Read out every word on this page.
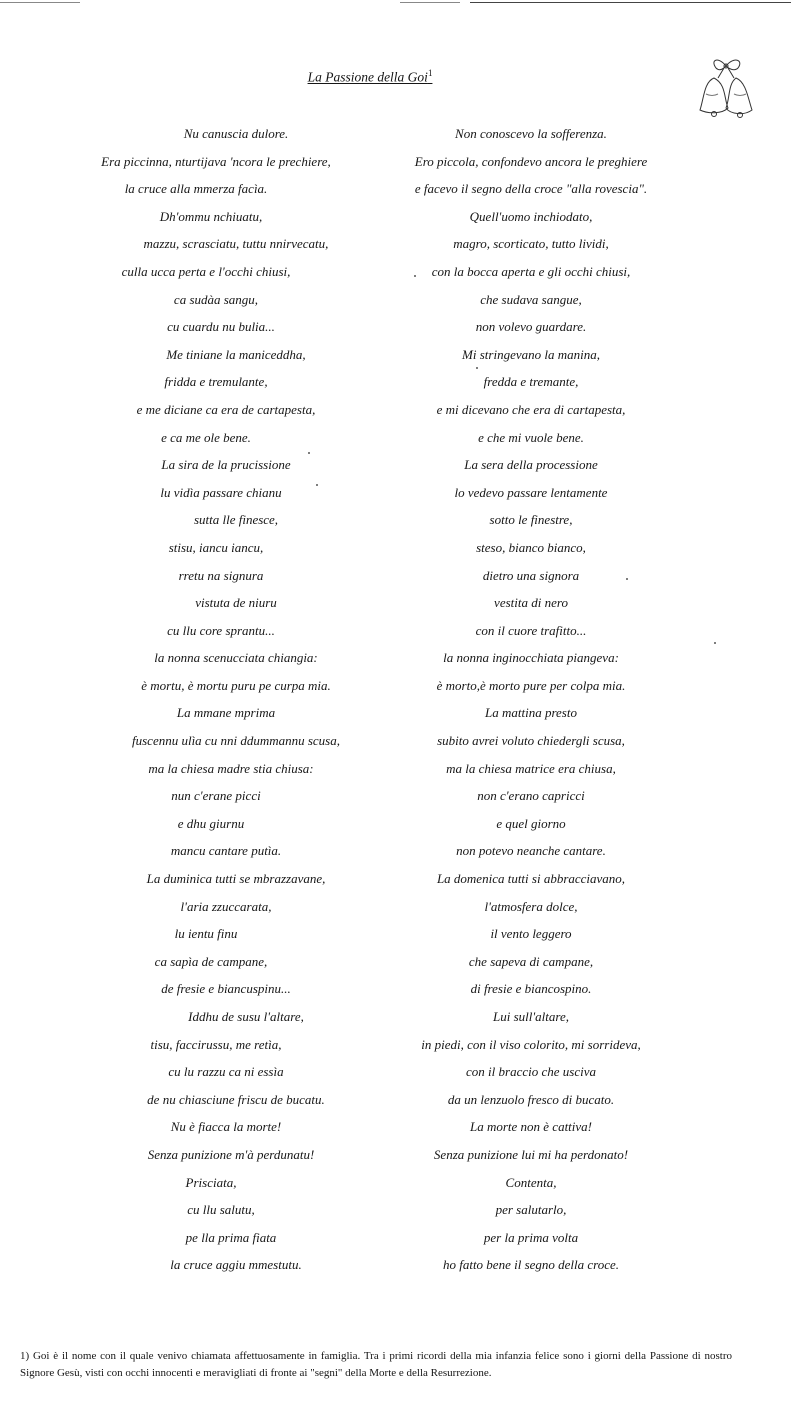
La Passione della Goi$^1$
Nu canuscia dulore.
Era piccinna, nturtijava 'ncora le prechiere,
la cruce alla mmerza facìa.
Dh'ommu nchiuatu,
mazzu, scrasciatu, tuttu nnirvecatu,
culla ucca perta e l'occhi chiusi,
ca sudàa sangu,
cu cuardu nu bulia...
Me tiniane la maniceddha,
fridda e tremulante,
e me diciane ca era de cartapesta,
e ca me ole bene.
La sira de la prucissione
lu vidìa passare chianu
sutta lle finesce,
stisu, iancu iancu,
rretu na signura
vistuta de niuru
cu llu core sprantu...
la nonna scenucciata chiangia:
è mortu, è mortu puru pe curpa mia.
La mmane mprima
fuscennu ulìa cu nni ddummannu scusa,
ma la chiesa madre stia chiusa:
nun c'erane picci
e dhu giurnu
mancu cantare putìa.
La duminica tutti se mbrazzavane,
l'aria zzuccarata,
lu ientu finu
ca sapìa de campane,
de fresie e biancuspinu...
Iddhu de susu l'altare,
tisu, faccirussu, me retìa,
cu lu razzu ca ni essìa
de nu chiasciune friscu de bucatu.
Nu è fiacca la morte!
Senza punizione m'à perdunatu!
Prisciata,
cu llu salutu,
pe lla prima fiata
la cruce aggiu mmestutu.
Non conoscevo la sofferenza.
Ero piccola, confondevo ancora le preghiere
e facevo il segno della croce "alla rovescia".
Quell'uomo inchiodato,
magro, scorticato, tutto lividi,
con la bocca aperta e gli occhi chiusi,
che sudava sangue,
non volevo guardare.
Mi stringevano la manina,
fredda e tremante,
e mi dicevano che era di cartapesta,
e che mi vuole bene.
La sera della processione
lo vedevo passare lentamente
sotto le finestre,
steso, bianco bianco,
dietro una signora
vestita di nero
con il cuore trafitto...
la nonna inginocchiata piangeva:
è morto,è morto pure per colpa mia.
La mattina presto
subito avrei voluto chiedergli scusa,
ma la chiesa matrice era chiusa,
non c'erano capricci
e quel giorno
non potevo neanche cantare.
La domenica tutti si abbracciavano,
l'atmosfera dolce,
il vento leggero
che sapeva di campane,
di fresie e biancospino.
Lui sull'altare,
in piedi, con il viso colorito, mi sorrideva,
con il braccio che usciva
da un lenzuolo fresco di bucato.
La morte non è cattiva!
Senza punizione lui mi ha perdonato!
Contenta,
per salutarlo,
per la prima volta
ho fatto bene il segno della croce.
1) Goi è il nome con il quale venivo chiamata affettuosamente in famiglia. Tra i primi ricordi della mia infanzia felice sono i giorni della Passione di nostro Signore Gesù, visti con occhi innocenti e meravigliati di fronte ai "segni" della Morte e della Resurrezione.
